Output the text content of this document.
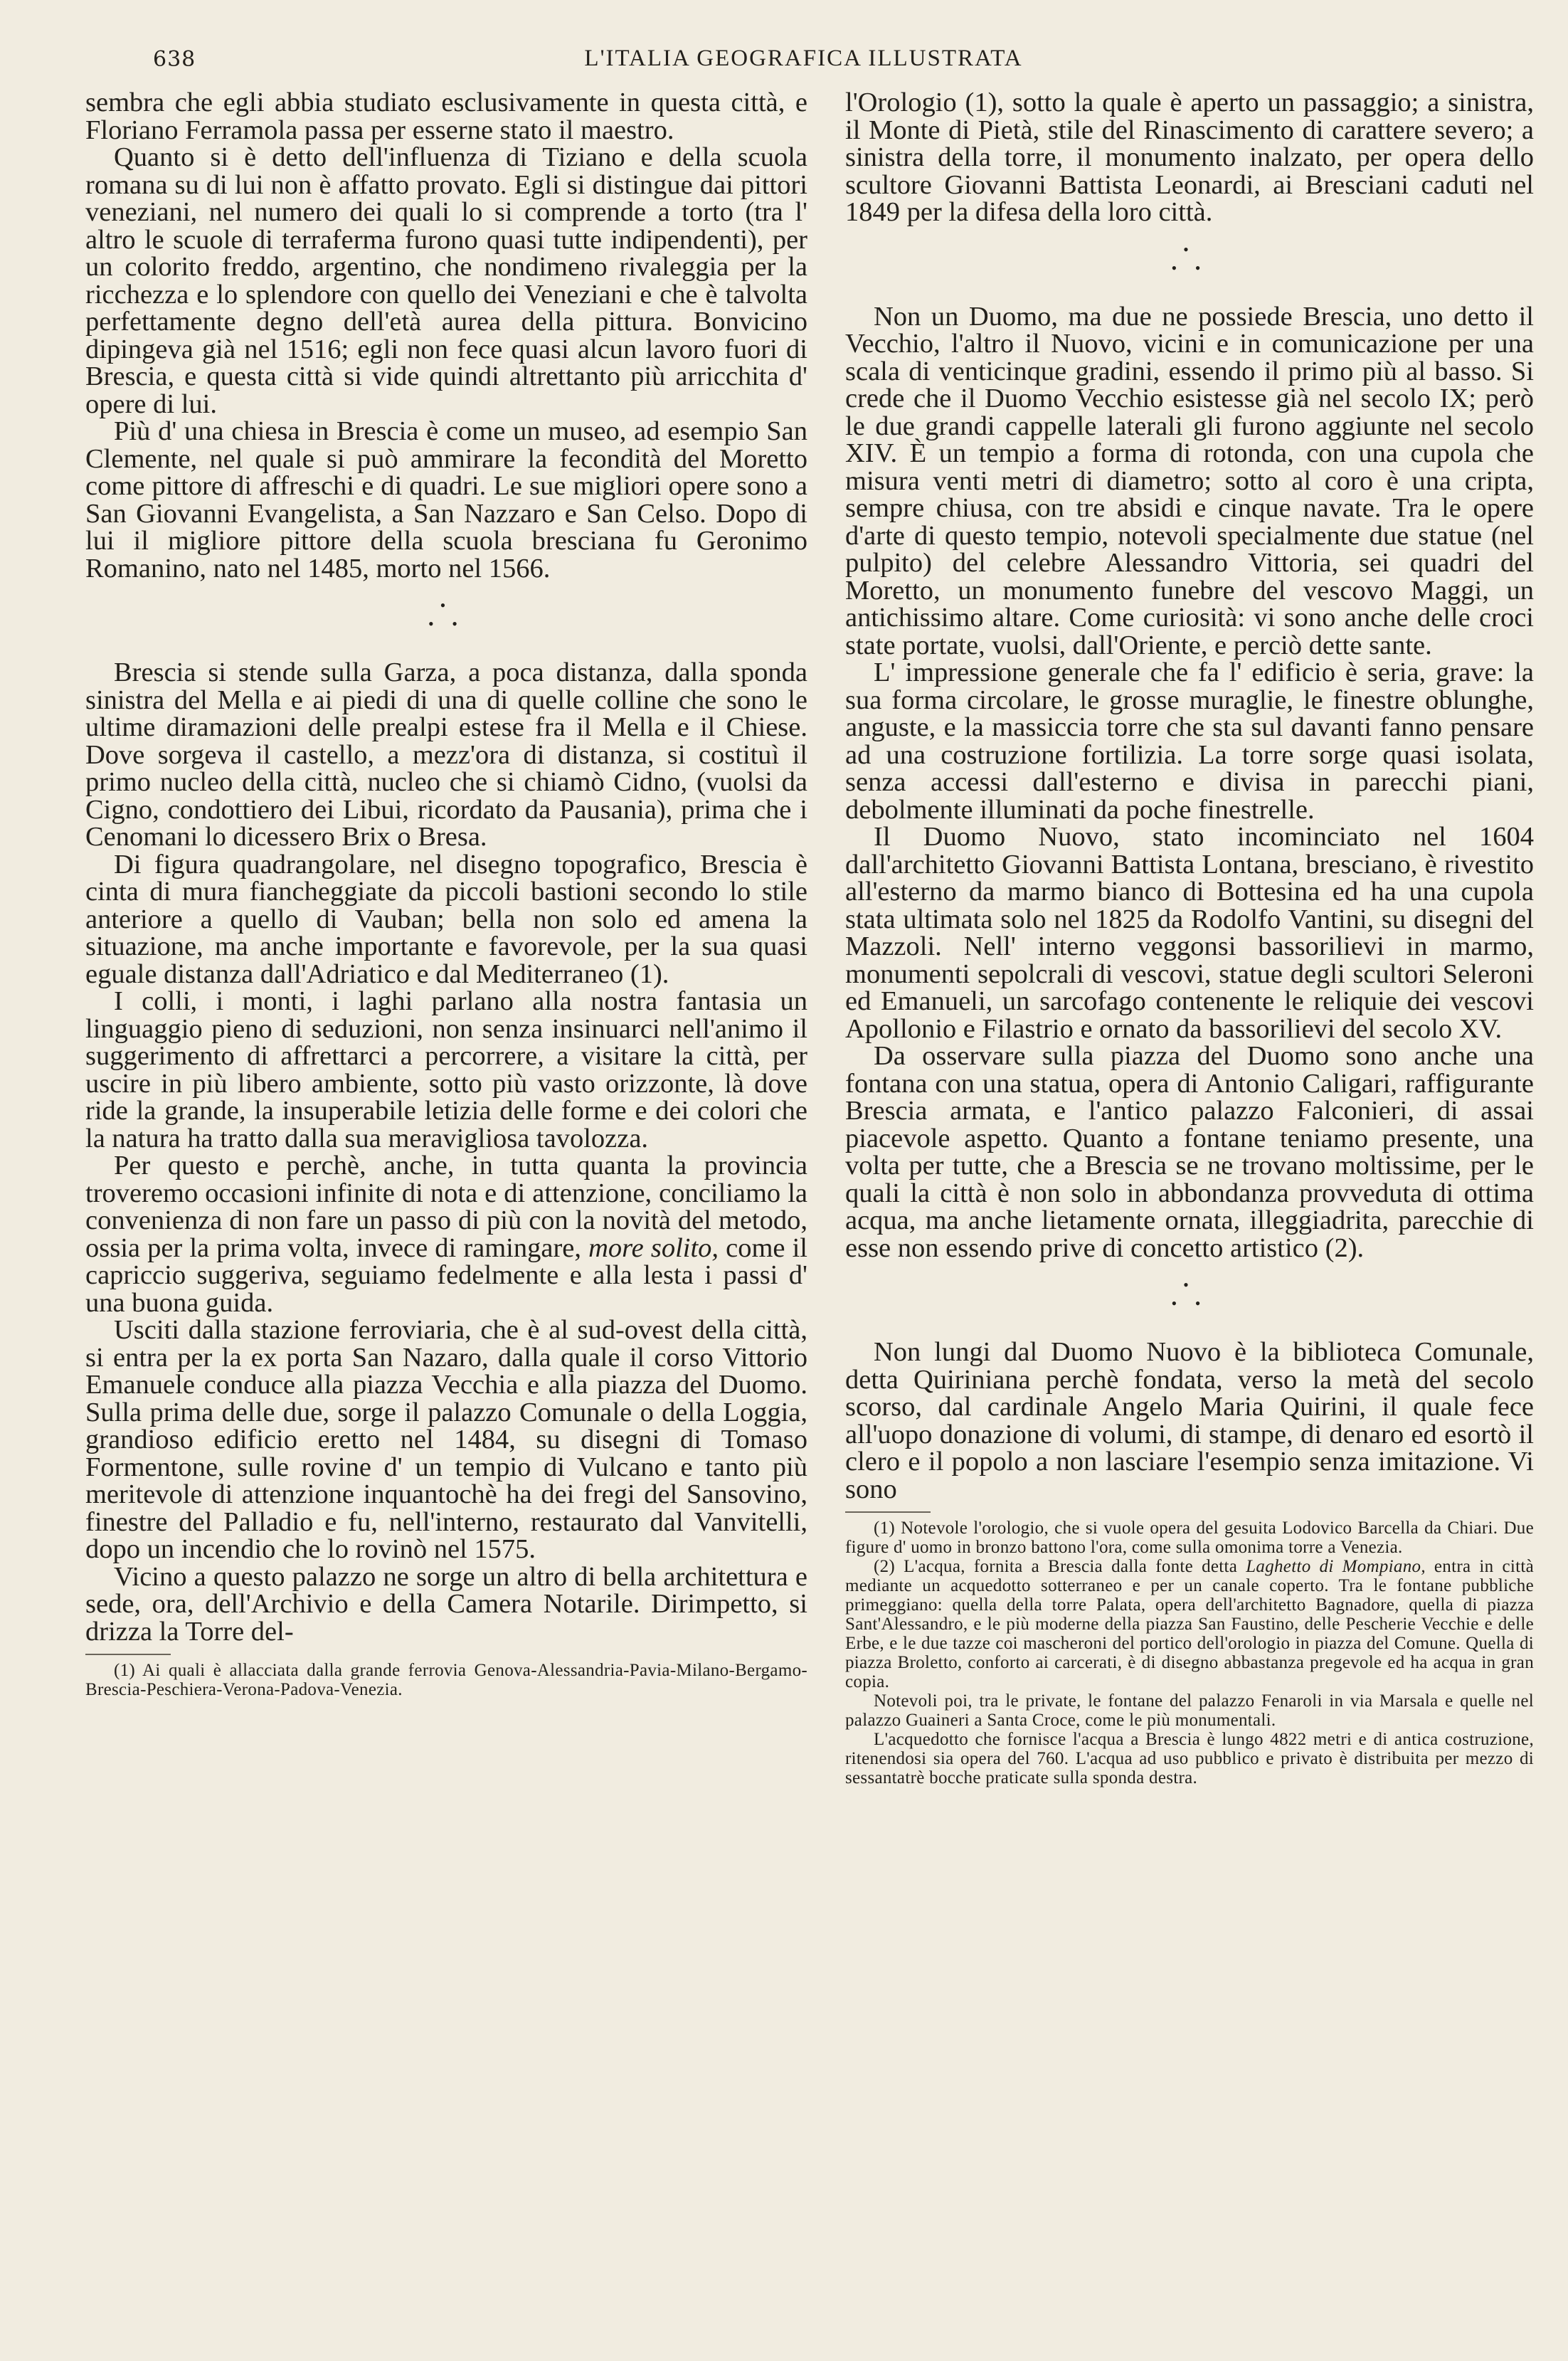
638	L'ITALIA GEOGRAFICA ILLUSTRATA

sembra che egli abbia studiato esclusivamente in questa città, e Floriano Ferramola passa per esserne stato il maestro.

Quanto si è detto dell'influenza di Tiziano e della scuola romana su di lui non è affatto provato. Egli si distingue dai pittori veneziani, nel numero dei quali lo si comprende a torto (tra l' altro le scuole di terraferma furono quasi tutte indipendenti), per un colorito freddo, argentino, che nondimeno rivaleggia per la ricchezza e lo splendore con quello dei Veneziani e che è talvolta perfettamente degno dell'età aurea della pittura. Bonvicino dipingeva già nel 1516; egli non fece quasi alcun lavoro fuori di Brescia, e questa città si vide quindi altrettanto più arricchita d' opere di lui.

Più d' una chiesa in Brescia è come un museo, ad esempio San Clemente, nel quale si può ammirare la fecondità del Moretto come pittore di affreschi e di quadri. Le sue migliori opere sono a San Giovanni Evangelista, a San Nazzaro e San Celso. Dopo di lui il migliore pittore della scuola bresciana fu Geronimo Romanino, nato nel 1485, morto nel 1566.

•
• •

Brescia si stende sulla Garza, a poca distanza, dalla sponda sinistra del Mella e ai piedi di una di quelle colline che sono le ultime diramazioni delle prealpi estese fra il Mella e il Chiese. Dove sorgeva il castello, a mezz'ora di distanza, si costituì il primo nucleo della città, nucleo che si chiamò Cidno, (vuolsi da Cigno, condottiero dei Libui, ricordato da Pausania), prima che i Cenomani lo dicessero Brix o Bresa.

Di figura quadrangolare, nel disegno topografico, Brescia è cinta di mura fiancheggiate da piccoli bastioni secondo lo stile anteriore a quello di Vauban; bella non solo ed amena la situazione, ma anche importante e favorevole, per la sua quasi eguale distanza dall'Adriatico e dal Mediterraneo (1).

I colli, i monti, i laghi parlano alla nostra fantasia un linguaggio pieno di seduzioni, non senza insinuarci nell'animo il suggerimento di affrettarci a percorrere, a visitare la città, per uscire in più libero ambiente, sotto più vasto orizzonte, là dove ride la grande, la insuperabile letizia delle forme e dei colori che la natura ha tratto dalla sua meravigliosa tavolozza.

Per questo e perchè, anche, in tutta quanta la provincia troveremo occasioni infinite di nota e di attenzione, conciliamo la convenienza di non fare un passo di più con la novità del metodo, ossia per la prima volta, invece di ramingare, more solito, come il capriccio suggeriva, seguiamo fedelmente e alla lesta i passi d' una buona guida.

Usciti dalla stazione ferroviaria, che è al sud-ovest della città, si entra per la ex porta San Nazaro, dalla quale il corso Vittorio Emanuele conduce alla piazza Vecchia e alla piazza del Duomo. Sulla prima delle due, sorge il palazzo Comunale o della Loggia, grandioso edificio eretto nel 1484, su disegni di Tomaso Formentone, sulle rovine d' un tempio di Vulcano e tanto più meritevole di attenzione inquantochè ha dei fregi del Sansovino, finestre del Palladio e fu, nell'interno, restaurato dal Vanvitelli, dopo un incendio che lo rovinò nel 1575.

Vicino a questo palazzo ne sorge un altro di bella architettura e sede, ora, dell'Archivio e della Camera Notarile. Dirimpetto, si drizza la Torre del-

(1) Ai quali è allacciata dalla grande ferrovia Genova-Alessandria-Pavia-Milano-Bergamo-Brescia-Peschiera-Verona-Padova-Venezia.

l'Orologio (1), sotto la quale è aperto un passaggio; a sinistra, il Monte di Pietà, stile del Rinascimento di carattere severo; a sinistra della torre, il monumento inalzato, per opera dello scultore Giovanni Battista Leonardi, ai Bresciani caduti nel 1849 per la difesa della loro città.

•
• •

Non un Duomo, ma due ne possiede Brescia, uno detto il Vecchio, l'altro il Nuovo, vicini e in comunicazione per una scala di venticinque gradini, essendo il primo più al basso. Si crede che il Duomo Vecchio esistesse già nel secolo IX; però le due grandi cappelle laterali gli furono aggiunte nel secolo XIV. È un tempio a forma di rotonda, con una cupola che misura venti metri di diametro; sotto al coro è una cripta, sempre chiusa, con tre absidi e cinque navate. Tra le opere d'arte di questo tempio, notevoli specialmente due statue (nel pulpito) del celebre Alessandro Vittoria, sei quadri del Moretto, un monumento funebre del vescovo Maggi, un antichissimo altare. Come curiosità: vi sono anche delle croci state portate, vuolsi, dall'Oriente, e perciò dette sante.

L' impressione generale che fa l' edificio è seria, grave: la sua forma circolare, le grosse muraglie, le finestre oblunghe, anguste, e la massiccia torre che sta sul davanti fanno pensare ad una costruzione fortilizia. La torre sorge quasi isolata, senza accessi dall'esterno e divisa in parecchi piani, debolmente illuminati da poche finestrelle.

Il Duomo Nuovo, stato incominciato nel 1604 dall'architetto Giovanni Battista Lontana, bresciano, è rivestito all'esterno da marmo bianco di Bottesina ed ha una cupola stata ultimata solo nel 1825 da Rodolfo Vantini, su disegni del Mazzoli. Nell' interno veggonsi bassorilievi in marmo, monumenti sepolcrali di vescovi, statue degli scultori Seleroni ed Emanueli, un sarcofago contenente le reliquie dei vescovi Apollonio e Filastrio e ornato da bassorilievi del secolo XV.

Da osservare sulla piazza del Duomo sono anche una fontana con una statua, opera di Antonio Caligari, raffigurante Brescia armata, e l'antico palazzo Falconieri, di assai piacevole aspetto. Quanto a fontane teniamo presente, una volta per tutte, che a Brescia se ne trovano moltissime, per le quali la città è non solo in abbondanza provveduta di ottima acqua, ma anche lietamente ornata, illeggiadrita, parecchie di esse non essendo prive di concetto artistico (2).

•
• •

Non lungi dal Duomo Nuovo è la biblioteca Comunale, detta Quiriniana perchè fondata, verso la metà del secolo scorso, dal cardinale Angelo Maria Quirini, il quale fece all'uopo donazione di volumi, di stampe, di denaro ed esortò il clero e il popolo a non lasciare l'esempio senza imitazione. Vi sono

(1) Notevole l'orologio, che si vuole opera del gesuita Lodovico Barcella da Chiari. Due figure d' uomo in bronzo battono l'ora, come sulla omonima torre a Venezia.

(2) L'acqua, fornita a Brescia dalla fonte detta Laghetto di Mompiano, entra in città mediante un acquedotto sotterraneo e per un canale coperto. Tra le fontane pubbliche primeggiano: quella della torre Palata, opera dell'architetto Bagnadore, quella di piazza Sant'Alessandro, e le più moderne della piazza San Faustino, delle Pescherie Vecchie e delle Erbe, e le due tazze coi mascheroni del portico dell'orologio in piazza del Comune. Quella di piazza Broletto, conforto ai carcerati, è di disegno abbastanza pregevole ed ha acqua in gran copia.

Notevoli poi, tra le private, le fontane del palazzo Fenaroli in via Marsala e quelle nel palazzo Guaineri a Santa Croce, come le più monumentali.

L'acquedotto che fornisce l'acqua a Brescia è lungo 4822 metri e di antica costruzione, ritenendosi sia opera del 760. L'acqua ad uso pubblico e privato è distribuita per mezzo di sessantatrè bocche praticate sulla sponda destra.
